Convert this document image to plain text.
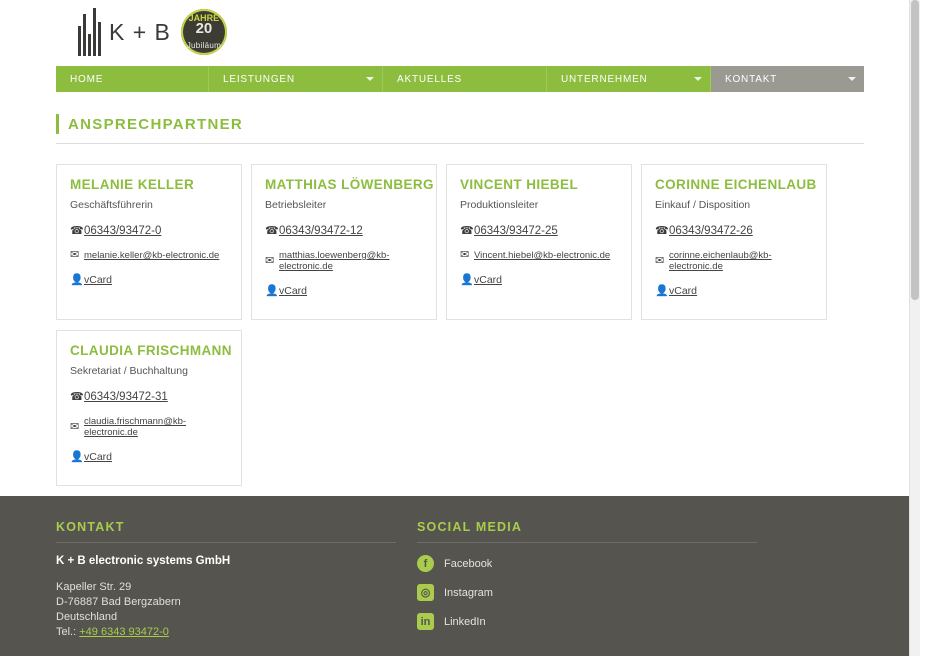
K + B
JAHRE
20
Jubiläum
HOME	LEISTUNGEN	AKTUELLES	UNTERNEHMEN	KONTAKT
ANSPRECHPARTNER
MELANIE KELLER
Geschäftsführerin
☎ 06343/93472-0
✉ melanie.keller@kb-electronic.de
👤 vCard
MATTHIAS LÖWENBERG
Betriebsleiter
☎ 06343/93472-12
✉ matthias.loewenberg@kb-electronic.de
👤 vCard
VINCENT HIEBEL
Produktionsleiter
☎ 06343/93472-25
✉ Vincent.hiebel@kb-electronic.de
👤 vCard
CORINNE EICHENLAUB
Einkauf / Disposition
☎ 06343/93472-26
✉ corinne.eichenlaub@kb-electronic.de
👤 vCard
CLAUDIA FRISCHMANN
Sekretariat / Buchhaltung
☎ 06343/93472-31
✉ claudia.frischmann@kb-electronic.de
👤 vCard
KONTAKT
K + B electronic systems GmbH
Kapeller Str. 29
D-76887 Bad Bergzabern
Deutschland
Tel.: +49 6343 93472-0
SOCIAL MEDIA
f	Facebook
◎	Instagram
in	LinkedIn
